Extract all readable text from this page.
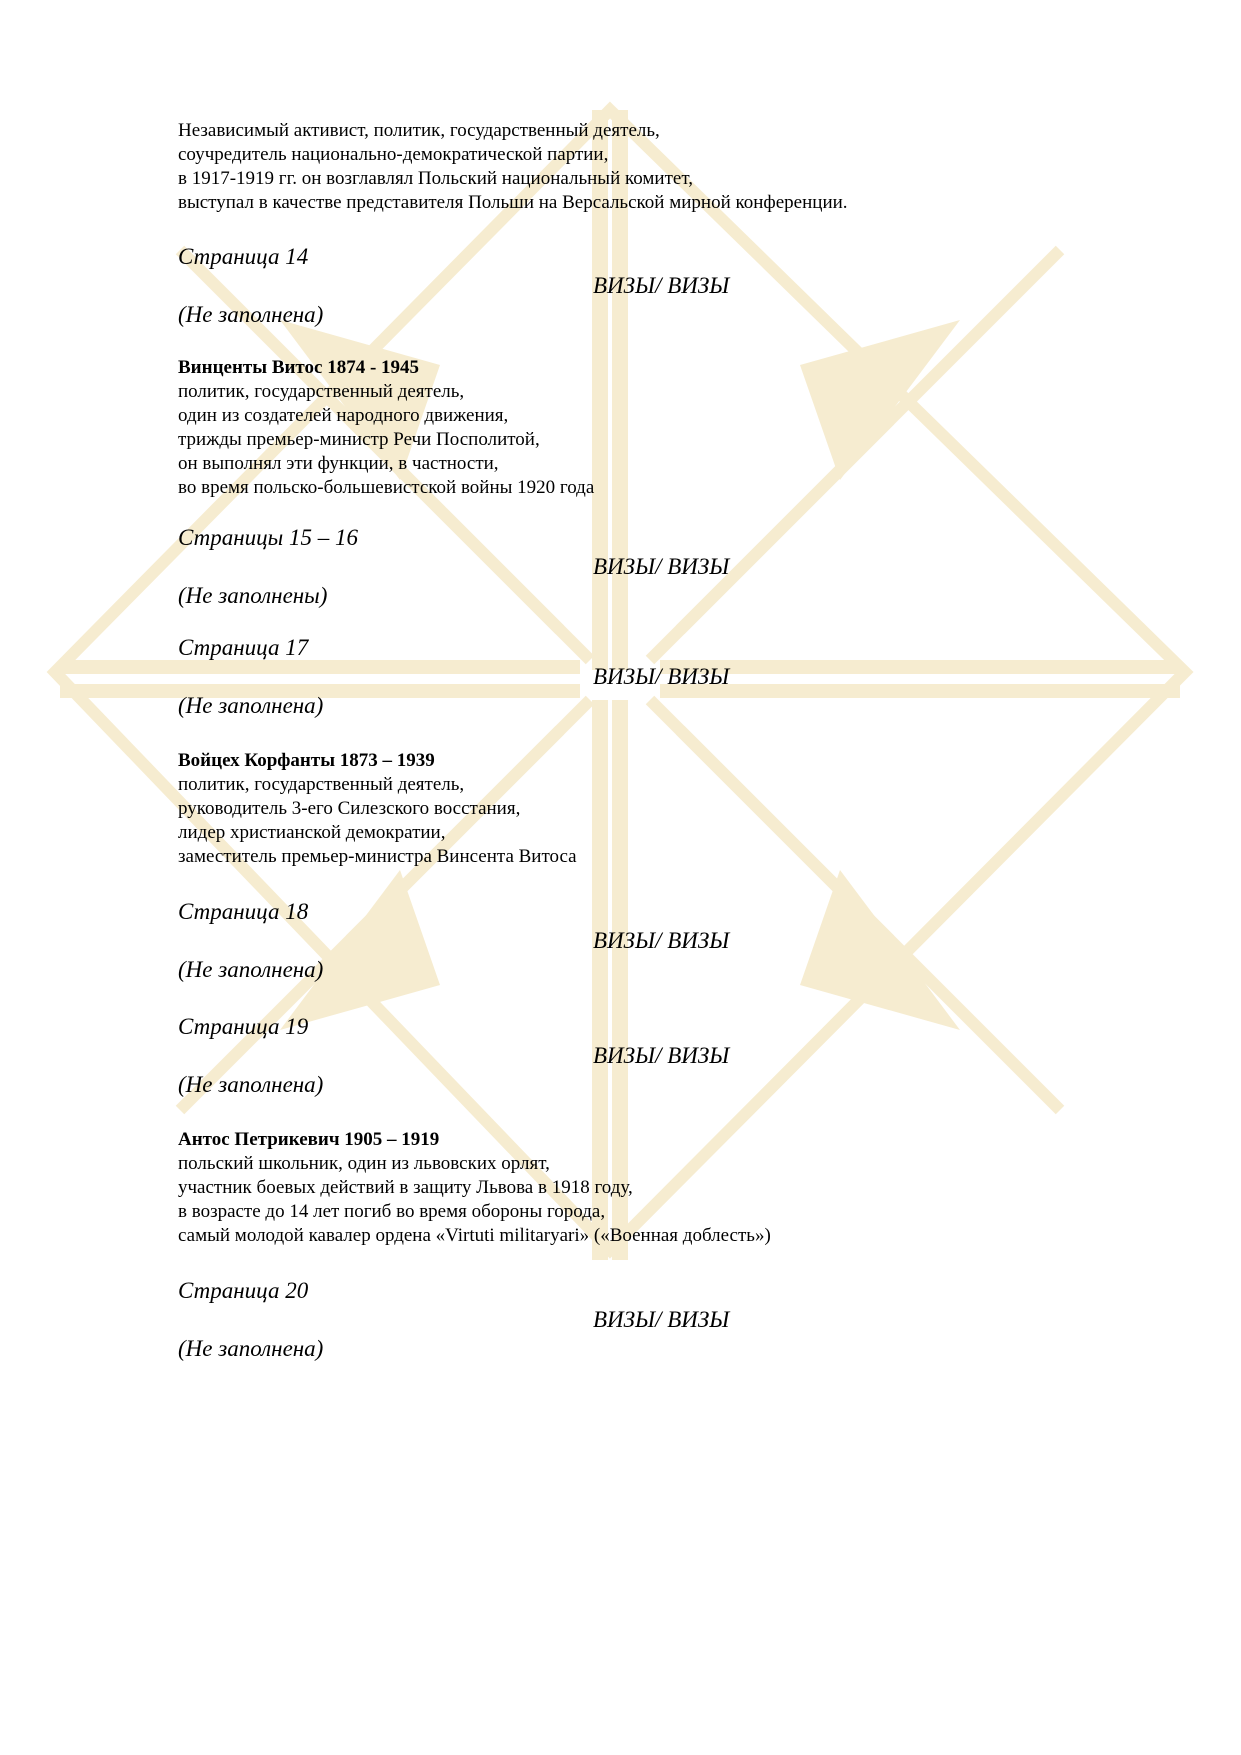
Независимый активист, политик, государственный деятель,
соучредитель национально-демократической партии,
в 1917-1919 гг. он возглавлял Польский национальный комитет,
выступал в качестве представителя Польши на Версальской мирной конференции.
Страница 14
ВИЗЫ/ ВИЗЫ
(Не заполнена)
Винценты Витос 1874 - 1945
политик, государственный деятель,
один из создателей народного движения,
трижды премьер-министр Речи Посполитой,
он выполнял эти функции, в частности,
во время польско-большевистской войны 1920 года
Страницы 15 – 16
ВИЗЫ/ ВИЗЫ
(Не заполнены)
Страница 17
ВИЗЫ/ ВИЗЫ
(Не заполнена)
Войцех Корфанты 1873 – 1939
политик, государственный деятель,
руководитель 3-его Силезского восстания,
лидер христианской демократии,
заместитель премьер-министра Винсента Витоса
Страница 18
ВИЗЫ/ ВИЗЫ
(Не заполнена)
Страница 19
ВИЗЫ/ ВИЗЫ
(Не заполнена)
Антос Петрикевич 1905 – 1919
польский школьник, один из львовских орлят,
участник боевых действий в защиту Львова в 1918 году,
в возрасте до 14 лет погиб во время обороны города,
самый молодой кавалер ордена «Virtuti militaryari» («Военная доблесть»)
Страница 20
ВИЗЫ/ ВИЗЫ
(Не заполнена)
